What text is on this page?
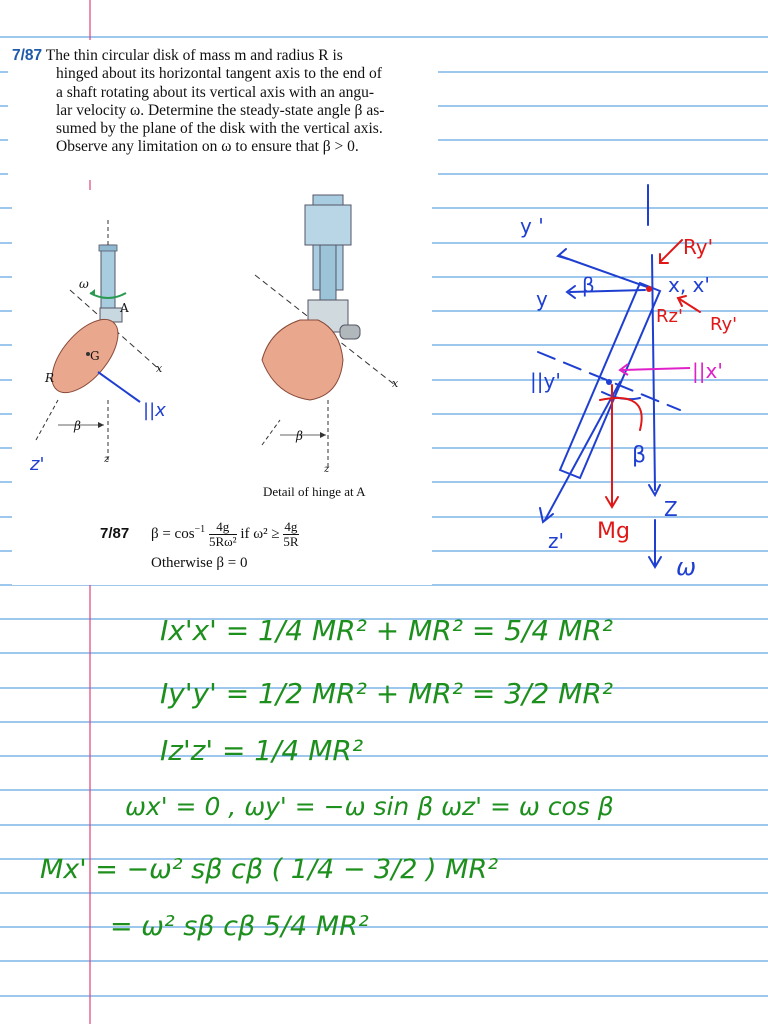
7/87 The thin circular disk of mass m and radius R is
hinged about its horizontal tangent axis to the end of
a shaft rotating about its vertical axis with an angu-
lar velocity ω. Determine the steady-state angle β as-
sumed by the plane of the disk with the vertical axis.
Observe any limitation on ω to ensure that β > 0.
ω
A
G
R
x
β
z
x
β
z
Detail of hinge at A
7/87 $\beta = \cos^{-1} \frac{4g}{\text{5Rω²}}$ if $\omega^2 \ge \frac{4g}{5R}$
Otherwise β = 0
||x
z'
y '
y
β	x, x'
||y'
β
z'
Z
ω
Ry'
Rz' Ry'
Mg
||x'
Ix'x' = 1/4 MR² + MR² = 5/4 MR²
Iy'y' = 1/2 MR² + MR² = 3/2 MR²
Iz'z' = 1/4 MR²
ωx' = 0 , ωy' = −ω sin β ωz' = ω cos β
Mx' = −ω² sβ cβ ( 1/4 − 3/2 ) MR²
= ω² sβ cβ 5/4 MR²
